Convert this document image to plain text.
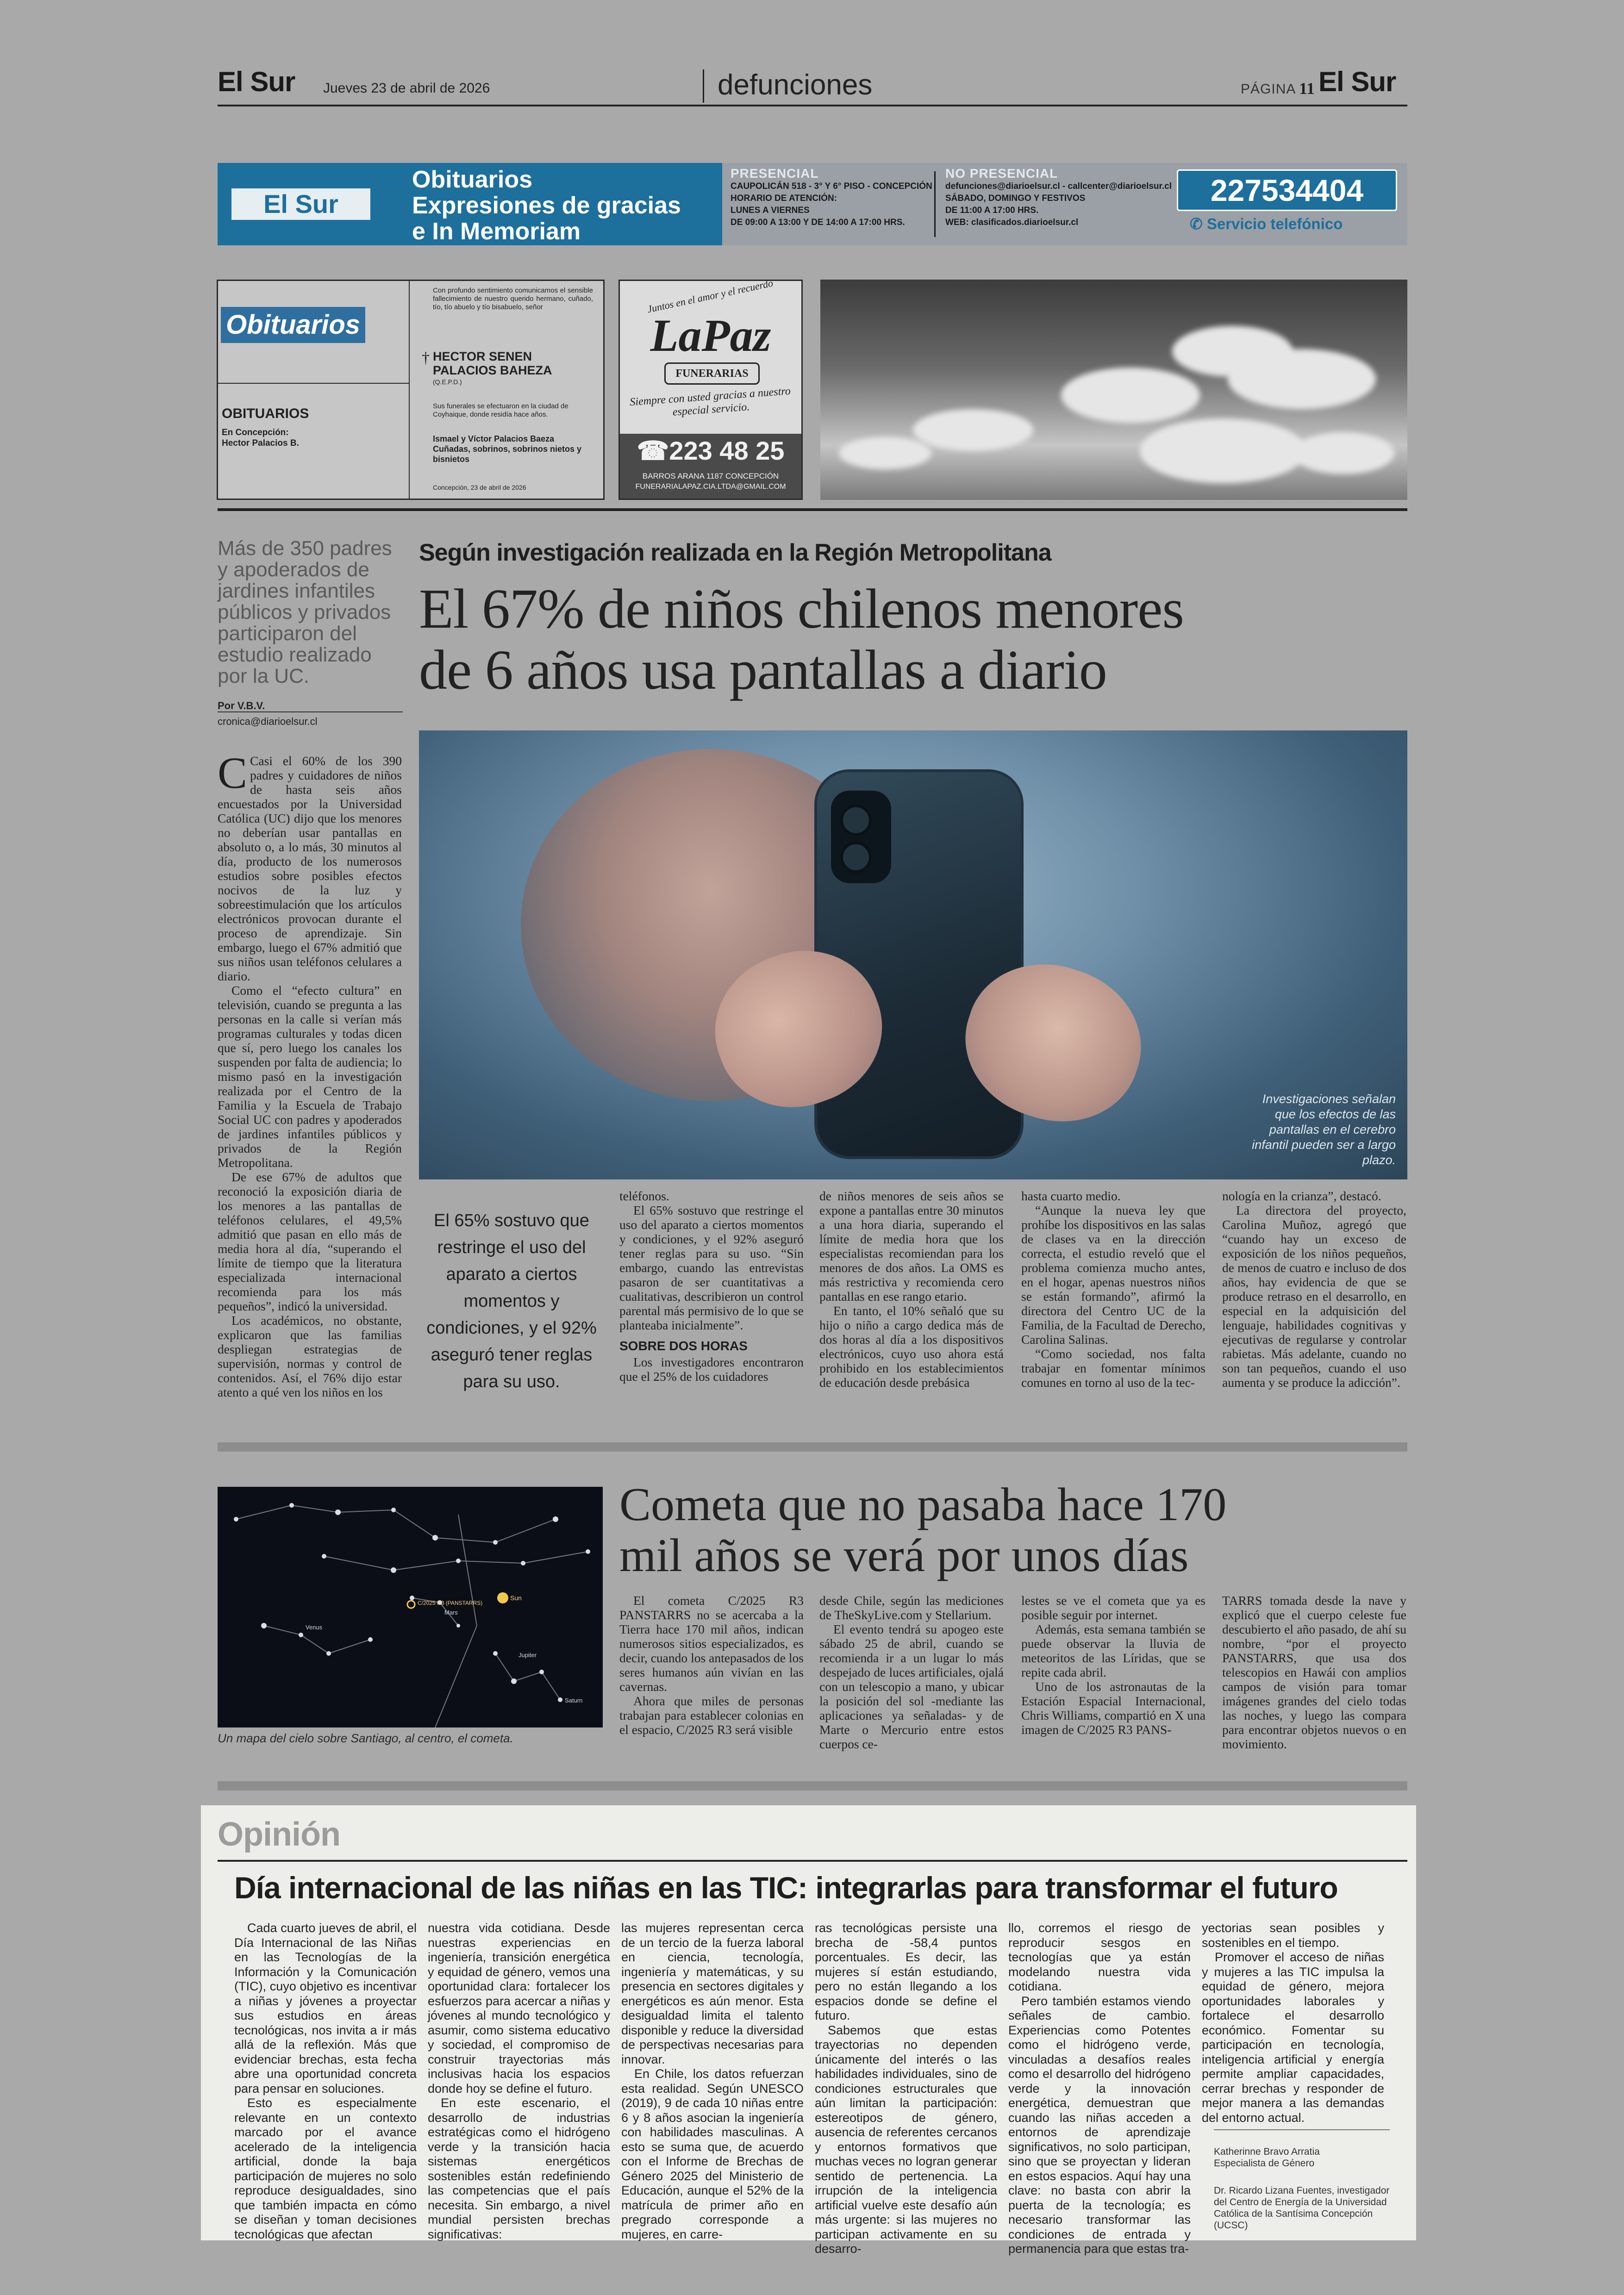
El Sur Jueves 23 de abril de 2026	defunciones	PÁGINA 11 El Sur
El Sur
Obituarios
Expresiones de gracias
e In Memoriam
PRESENCIAL
CAUPOLICÁN 518 - 3° Y 6° PISO - CONCEPCIÓN
HORARIO DE ATENCIÓN:
LUNES A VIERNES
DE 09:00 A 13:00 Y DE 14:00 A 17:00 HRS.
NO PRESENCIAL
defunciones@diarioelsur.cl - callcenter@diarioelsur.cl
SÁBADO, DOMINGO Y FESTIVOS
DE 11:00 A 17:00 HRS.
WEB: clasificados.diarioelsur.cl
227534404
✆ Servicio telefónico
Obituarios
OBITUARIOS
En Concepción:
Hector Palacios B.
Con profundo sentimiento comunicamos el sensible fallecimiento de nuestro querido hermano, cuñado, tío, tío abuelo y tío bisabuelo, señor
† HECTOR SENEN PALACIOS BAHEZA
(Q.E.P.D.)
Sus funerales se efectuaron en la ciudad de Coyhaique, donde residía hace años.
Ismael y Víctor Palacios Baeza Cuñadas, sobrinos, sobrinos nietos y bisnietos
Concepción, 23 de abril de 2026
Juntos en el amor y el recuerdo
LaPaz
FUNERARIAS
Siempre con usted gracias a nuestro especial servicio.
☎223 48 25
BARROS ARANA 1187 CONCEPCIÓN
FUNERARIALAPAZ.CIA.LTDA@GMAIL.COM
Más de 350 padres y apoderados de jardines infantiles públicos y privados participaron del estudio realizado por la UC.
Por V.B.V.
cronica@diarioelsur.cl
Según investigación realizada en la Región Metropolitana
El 67% de niños chilenos menores
de 6 años usa pantallas a diario
Investigaciones señalan que los efectos de las pantallas en el cerebro infantil pueden ser a largo plazo.

C Casi el 60% de los 390 padres y cuidadores de niños de hasta seis años encuestados por la Universidad Católica (UC) dijo que los menores no deberían usar pantallas en absoluto o, a lo más, 30 minutos al día, producto de los numerosos estudios sobre posibles efectos nocivos de la luz y sobreestimulación que los artículos electrónicos provocan durante el proceso de aprendizaje. Sin embargo, luego el 67% admitió que sus niños usan teléfonos celulares a diario.

Como el “efecto cultura” en televisión, cuando se pregunta a las personas en la calle si verían más programas culturales y todas dicen que sí, pero luego los canales los suspenden por falta de audiencia; lo mismo pasó en la investigación realizada por el Centro de la Familia y la Escuela de Trabajo Social UC con padres y apoderados de jardines infantiles públicos y privados de la Región Metropolitana.

De ese 67% de adultos que reconoció la exposición diaria de los menores a las pantallas de teléfonos celulares, el 49,5% admitió que pasan en ello más de media hora al día, “superando el límite de tiempo que la literatura especializada internacional recomienda para los más pequeños”, indicó la universidad.

Los académicos, no obstante, explicaron que las familias despliegan estrategias de supervisión, normas y control de contenidos. Así, el 76% dijo estar atento a qué ven los niños en los

El 65% sostuvo que restringe el uso del aparato a ciertos momentos y condiciones, y el 92% aseguró tener reglas para su uso.

teléfonos.

El 65% sostuvo que restringe el uso del aparato a ciertos momentos y condiciones, y el 92% aseguró tener reglas para su uso. “Sin embargo, cuando las entrevistas pasaron de ser cuantitativas a cualitativas, describieron un control parental más permisivo de lo que se planteaba inicialmente”.

SOBRE DOS HORAS

Los investigadores encontraron que el 25% de los cuidadores

de niños menores de seis años se expone a pantallas entre 30 minutos a una hora diaria, superando el límite de media hora que los especialistas recomiendan para los menores de dos años. La OMS es más restrictiva y recomienda cero pantallas en ese rango etario.

En tanto, el 10% señaló que su hijo o niño a cargo dedica más de dos horas al día a los dispositivos electrónicos, cuyo uso ahora está prohibido en los establecimientos de educación desde prebásica

hasta cuarto medio.

“Aunque la nueva ley que prohíbe los dispositivos en las salas de clases va en la dirección correcta, el estudio reveló que el problema comienza mucho antes, en el hogar, apenas nuestros niños se están formando”, afirmó la directora del Centro UC de la Familia, de la Facultad de Derecho, Carolina Salinas.

“Como sociedad, nos falta trabajar en fomentar mínimos comunes en torno al uso de la tec-

nología en la crianza”, destacó.

La directora del proyecto, Carolina Muñoz, agregó que “cuando hay un exceso de exposición de los niños pequeños, de menos de cuatro e incluso de dos años, hay evidencia de que se produce retraso en el desarrollo, en especial en la adquisición del lenguaje, habilidades cognitivas y ejecutivas de regularse y controlar rabietas. Más adelante, cuando no son tan pequeños, cuando el uso aumenta y se produce la adicción”.

C/2025 R3 (PANSTARRS)
Sun
Venus
Mars
Jupiter
Saturn
Un mapa del cielo sobre Santiago, al centro, el cometa.
Cometa que no pasaba hace 170
mil años se verá por unos días

El cometa C/2025 R3 PANSTARRS no se acercaba a la Tierra hace 170 mil años, indican numerosos sitios especializados, es decir, cuando los antepasados de los seres humanos aún vivían en las cavernas.

Ahora que miles de personas trabajan para establecer colonias en el espacio, C/2025 R3 será visible

desde Chile, según las mediciones de TheSkyLive.com y Stellarium.

El evento tendrá su apogeo este sábado 25 de abril, cuando se recomienda ir a un lugar lo más despejado de luces artificiales, ojalá con un telescopio a mano, y ubicar la posición del sol -mediante las aplicaciones ya señaladas- y de Marte o Mercurio entre estos cuerpos ce-

lestes se ve el cometa que ya es posible seguir por internet.

Además, esta semana también se puede observar la lluvia de meteoritos de las Líridas, que se repite cada abril.

Uno de los astronautas de la Estación Espacial Internacional, Chris Williams, compartió en X una imagen de C/2025 R3 PANS-

TARRS tomada desde la nave y explicó que el cuerpo celeste fue descubierto el año pasado, de ahí su nombre, “por el proyecto PANSTARRS, que usa dos telescopios en Hawái con amplios campos de visión para tomar imágenes grandes del cielo todas las noches, y luego las compara para encontrar objetos nuevos o en movimiento.

Opinión
Día internacional de las niñas en las TIC: integrarlas para transformar el futuro

Cada cuarto jueves de abril, el Día Internacional de las Niñas en las Tecnologías de la Información y la Comunicación (TIC), cuyo objetivo es incentivar a niñas y jóvenes a proyectar sus estudios en áreas tecnológicas, nos invita a ir más allá de la reflexión. Más que evidenciar brechas, esta fecha abre una oportunidad concreta para pensar en soluciones.

Esto es especialmente relevante en un contexto marcado por el avance acelerado de la inteligencia artificial, donde la baja participación de mujeres no solo reproduce desigualdades, sino que también impacta en cómo se diseñan y toman decisiones tecnológicas que afectan

nuestra vida cotidiana. Desde nuestras experiencias en ingeniería, transición energética y equidad de género, vemos una oportunidad clara: fortalecer los esfuerzos para acercar a niñas y jóvenes al mundo tecnológico y asumir, como sistema educativo y sociedad, el compromiso de construir trayectorias más inclusivas hacia los espacios donde hoy se define el futuro.

En este escenario, el desarrollo de industrias estratégicas como el hidrógeno verde y la transición hacia sistemas energéticos sostenibles están redefiniendo las competencias que el país necesita. Sin embargo, a nivel mundial persisten brechas significativas:

las mujeres representan cerca de un tercio de la fuerza laboral en ciencia, tecnología, ingeniería y matemáticas, y su presencia en sectores digitales y energéticos es aún menor. Esta desigualdad limita el talento disponible y reduce la diversidad de perspectivas necesarias para innovar.

En Chile, los datos refuerzan esta realidad. Según UNESCO (2019), 9 de cada 10 niñas entre 6 y 8 años asocian la ingeniería con habilidades masculinas. A esto se suma que, de acuerdo con el Informe de Brechas de Género 2025 del Ministerio de Educación, aunque el 52% de la matrícula de primer año en pregrado corresponde a mujeres, en carre-

ras tecnológicas persiste una brecha de -58,4 puntos porcentuales. Es decir, las mujeres sí están estudiando, pero no están llegando a los espacios donde se define el futuro.

Sabemos que estas trayectorias no dependen únicamente del interés o las habilidades individuales, sino de condiciones estructurales que aún limitan la participación: estereotipos de género, ausencia de referentes cercanos y entornos formativos que muchas veces no logran generar sentido de pertenencia. La irrupción de la inteligencia artificial vuelve este desafío aún más urgente: si las mujeres no participan activamente en su desarro-

llo, corremos el riesgo de reproducir sesgos en tecnologías que ya están modelando nuestra vida cotidiana.

Pero también estamos viendo señales de cambio. Experiencias como Potentes como el hidrógeno verde, vinculadas a desafíos reales como el desarrollo del hidrógeno verde y la innovación energética, demuestran que cuando las niñas acceden a entornos de aprendizaje significativos, no solo participan, sino que se proyectan y lideran en estos espacios. Aquí hay una clave: no basta con abrir la puerta de la tecnología; es necesario transformar las condiciones de entrada y permanencia para que estas tra-

yectorias sean posibles y sostenibles en el tiempo.

Promover el acceso de niñas y mujeres a las TIC impulsa la equidad de género, mejora oportunidades laborales y fortalece el desarrollo económico. Fomentar su participación en tecnología, inteligencia artificial y energía permite ampliar capacidades, cerrar brechas y responder de mejor manera a las demandas del entorno actual.

Katherinne Bravo Arratia
Especialista de Género
Dr. Ricardo Lizana Fuentes, investigador del Centro de Energía de la Universidad Católica de la Santísima Concepción (UCSC)
